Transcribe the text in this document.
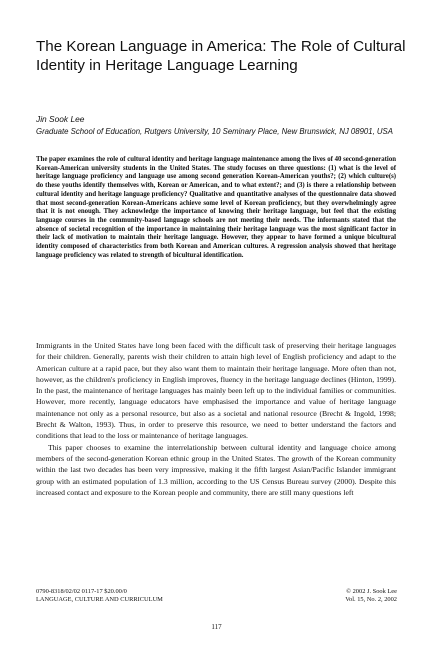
The Korean Language in America: The Role of Cultural Identity in Heritage Language Learning
Jin Sook Lee
Graduate School of Education, Rutgers University, 10 Seminary Place, New Brunswick, NJ 08901, USA

The paper examines the role of cultural identity and heritage language maintenance among the lives of 40 second-generation Korean-American university students in the United States. The study focuses on three questions: (1) what is the level of heritage language proficiency and language use among second generation Korean-American youths?; (2) which culture(s) do these youths identify themselves with, Korean or American, and to what extent?; and (3) is there a relationship between cultural identity and heritage language proficiency? Qualitative and quantitative analyses of the questionnaire data showed that most second-generation Korean-Americans achieve some level of Korean proficiency, but they overwhelmingly agree that it is not enough. They acknowledge the importance of knowing their heritage language, but feel that the existing language courses in the community-based language schools are not meeting their needs. The informants stated that the absence of societal recognition of the importance in maintaining their heritage language was the most significant factor in their lack of motivation to maintain their heritage language. However, they appear to have formed a unique bicultural identity composed of characteristics from both Korean and American cultures. A regression analysis showed that heritage language proficiency was related to strength of bicultural identification.

Immigrants in the United States have long been faced with the difficult task of preserving their heritage languages for their children. Generally, parents wish their children to attain high level of English proficiency and adapt to the American culture at a rapid pace, but they also want them to maintain their heritage language. More often than not, however, as the children's proficiency in English improves, fluency in the heritage language declines (Hinton, 1999). In the past, the maintenance of heritage languages has mainly been left up to the individual families or communities. However, more recently, language educators have emphasised the importance and value of heritage language maintenance not only as a personal resource, but also as a societal and national resource (Brecht & Ingold, 1998; Brecht & Walton, 1993). Thus, in order to preserve this resource, we need to better understand the factors and conditions that lead to the loss or maintenance of heritage languages.

This paper chooses to examine the interrelationship between cultural identity and language choice among members of the second-generation Korean ethnic group in the United States. The growth of the Korean community within the last two decades has been very impressive, making it the fifth largest Asian/Pacific Islander immigrant group with an estimated population of 1.3 million, according to the US Census Bureau survey (2000). Despite this increased contact and exposure to the Korean people and community, there are still many questions left

0790-8318/02/02 0117-17 $20.00/0
LANGUAGE, CULTURE AND CURRICULUM
© 2002 J. Sook Lee
Vol. 15, No. 2, 2002
117
